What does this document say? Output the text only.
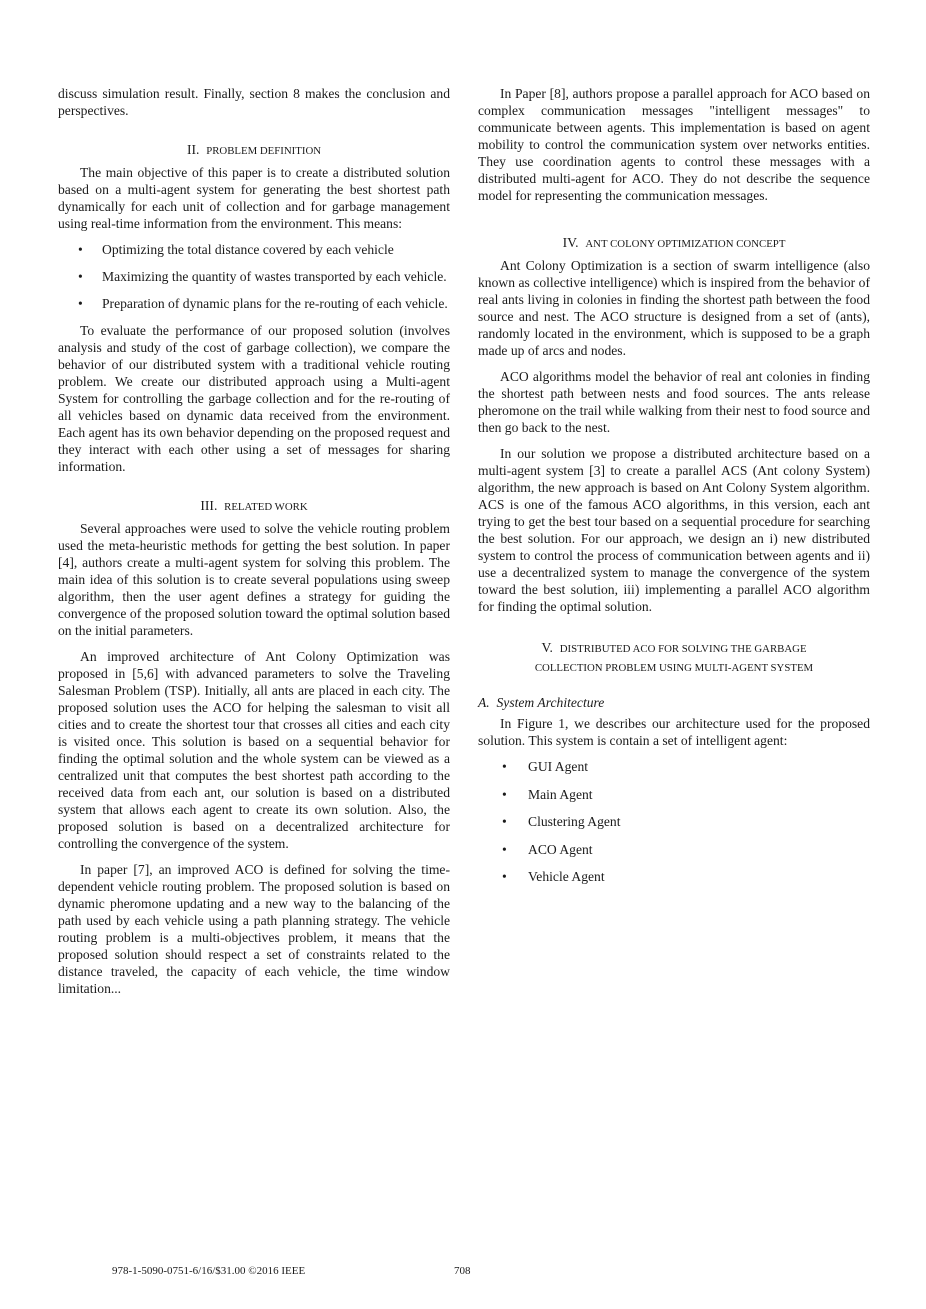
discuss simulation result. Finally, section 8 makes the conclusion and perspectives.

II. PROBLEM DEFINITION

The main objective of this paper is to create a distributed solution based on a multi-agent system for generating the best shortest path dynamically for each unit of collection and for garbage management using real-time information from the environment. This means:

• Optimizing the total distance covered by each vehicle
• Maximizing the quantity of wastes transported by each vehicle.
• Preparation of dynamic plans for the re-routing of each vehicle.

To evaluate the performance of our proposed solution (involves analysis and study of the cost of garbage collection), we compare the behavior of our distributed system with a traditional vehicle routing problem. We create our distributed approach using a Multi-agent System for controlling the garbage collection and for the re-routing of all vehicles based on dynamic data received from the environment. Each agent has its own behavior depending on the proposed request and they interact with each other using a set of messages for sharing information.

III. RELATED WORK

Several approaches were used to solve the vehicle routing problem used the meta-heuristic methods for getting the best solution. In paper [4], authors create a multi-agent system for solving this problem. The main idea of this solution is to create several populations using sweep algorithm, then the user agent defines a strategy for guiding the convergence of the proposed solution toward the optimal solution based on the initial parameters.

An improved architecture of Ant Colony Optimization was proposed in [5,6] with advanced parameters to solve the Traveling Salesman Problem (TSP). Initially, all ants are placed in each city. The proposed solution uses the ACO for helping the salesman to visit all cities and to create the shortest tour that crosses all cities and each city is visited once. This solution is based on a sequential behavior for finding the optimal solution and the whole system can be viewed as a centralized unit that computes the best shortest path according to the received data from each ant, our solution is based on a distributed system that allows each agent to create its own solution. Also, the proposed solution is based on a decentralized architecture for controlling the convergence of the system.

In paper [7], an improved ACO is defined for solving the time-dependent vehicle routing problem. The proposed solution is based on dynamic pheromone updating and a new way to the balancing of the path used by each vehicle using a path planning strategy. The vehicle routing problem is a multi-objectives problem, it means that the proposed solution should respect a set of constraints related to the distance traveled, the capacity of each vehicle, the time window limitation...

In Paper [8], authors propose a parallel approach for ACO based on complex communication messages "intelligent messages" to communicate between agents. This implementation is based on agent mobility to control the communication system over networks entities. They use coordination agents to control these messages with a distributed multi-agent for ACO. They do not describe the sequence model for representing the communication messages.

IV. ANT COLONY OPTIMIZATION CONCEPT

Ant Colony Optimization is a section of swarm intelligence (also known as collective intelligence) which is inspired from the behavior of real ants living in colonies in finding the shortest path between the food source and nest. The ACO structure is designed from a set of (ants), randomly located in the environment, which is supposed to be a graph made up of arcs and nodes.

ACO algorithms model the behavior of real ant colonies in finding the shortest path between nests and food sources. The ants release pheromone on the trail while walking from their nest to food source and then go back to the nest.

In our solution we propose a distributed architecture based on a multi-agent system [3] to create a parallel ACS (Ant colony System) algorithm, the new approach is based on Ant Colony System algorithm. ACS is one of the famous ACO algorithms, in this version, each ant trying to get the best tour based on a sequential procedure for searching the best solution. For our approach, we design an i) new distributed system to control the process of communication between agents and ii) use a decentralized system to manage the convergence of the system toward the best solution, iii) implementing a parallel ACO algorithm for finding the optimal solution.

V. DISTRIBUTED ACO FOR SOLVING THE GARBAGE
COLLECTION PROBLEM USING MULTI-AGENT SYSTEM
A. System Architecture

In Figure 1, we describes our architecture used for the proposed solution. This system is contain a set of intelligent agent:

• GUI Agent
• Main Agent
• Clustering Agent
• ACO Agent
• Vehicle Agent
978-1-5090-0751-6/16/$31.00 ©2016 IEEE	708
